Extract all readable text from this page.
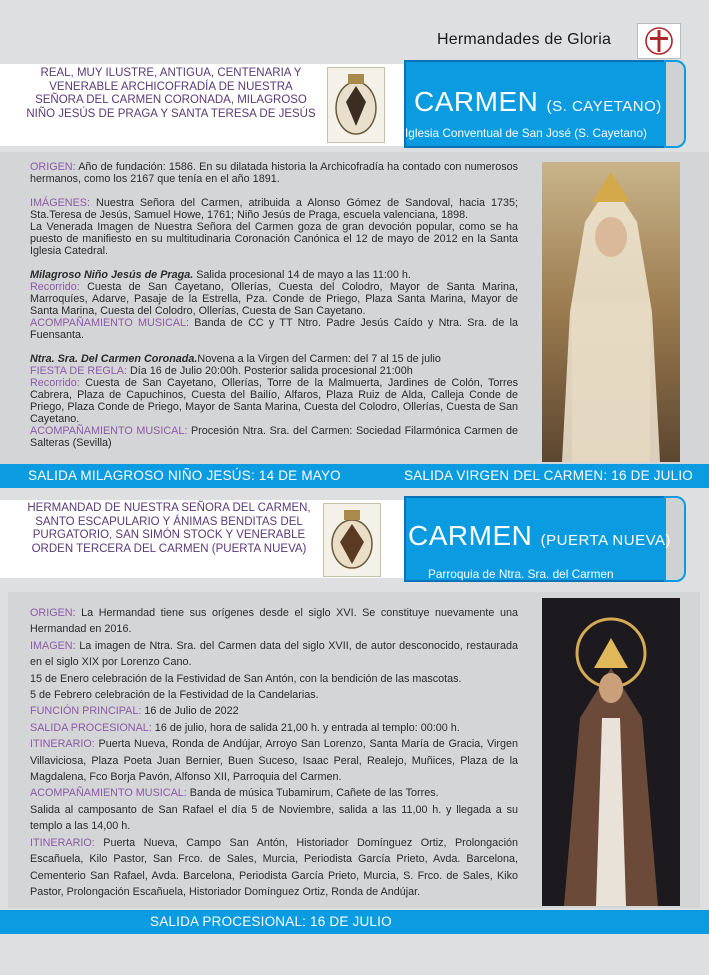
Hermandades de Gloria
REAL, MUY ILUSTRE, ANTIGUA, CENTENARIA Y VENERABLE ARCHICOFRADÍA DE NUESTRA SEÑORA DEL CARMEN CORONADA, MILAGROSO NIÑO JESÚS DE PRAGA Y SANTA TERESA DE JESÚS	CARMEN (S. CAYETANO)
Iglesia Conventual de San José (S. Cayetano)

ORIGEN: Año de fundación: 1586. En su dilatada historia la Archicofradía ha contado con numerosos hermanos, como los 2167 que tenía en el año 1891.

IMÁGENES: Nuestra Señora del Carmen, atribuida a Alonso Gómez de Sandoval, hacia 1735; Sta.Teresa de Jesús, Samuel Howe, 1761; Niño Jesús de Praga, escuela valenciana, 1898.

La Venerada Imagen de Nuestra Señora del Carmen goza de gran devoción popular, como se ha puesto de manifiesto en su multitudinaria Coronación Canónica el 12 de mayo de 2012 en la Santa Iglesia Catedral.

Milagroso Niño Jesús de Praga. Salida procesional 14 de mayo a las 11:00 h.

Recorrido: Cuesta de San Cayetano, Ollerías, Cuesta del Colodro, Mayor de Santa Marina, Marroquíes, Adarve, Pasaje de la Estrella, Pza. Conde de Priego, Plaza Santa Marina, Mayor de Santa Marina, Cuesta del Colodro, Ollerías, Cuesta de San Cayetano.

ACOMPAÑAMIENTO MUSICAL: Banda de CC y TT Ntro. Padre Jesús Caído y Ntra. Sra. de la Fuensanta.

Ntra. Sra. Del Carmen Coronada.Novena a la Virgen del Carmen: del 7 al 15 de julio

FIESTA DE REGLA: Día 16 de Julio 20:00h. Posterior salida procesional 21:00h

Recorrido: Cuesta de San Cayetano, Ollerías, Torre de la Malmuerta, Jardines de Colón, Torres Cabrera, Plaza de Capuchinos, Cuesta del Bailío, Alfaros, Plaza Ruiz de Alda, Calleja Conde de Priego, Plaza Conde de Priego, Mayor de Santa Marina, Cuesta del Colodro, Ollerías, Cuesta de San Cayetano.

ACOMPAÑAMIENTO MUSICAL: Procesión Ntra. Sra. del Carmen: Sociedad Filarmónica Carmen de Salteras (Sevilla)

SALIDA MILAGROSO NIÑO JESÚS: 14 DE MAYO	SALIDA VIRGEN DEL CARMEN: 16 DE JULIO
HERMANDAD DE NUESTRA SEÑORA DEL CARMEN, SANTO ESCAPULARIO Y ÁNIMAS BENDITAS DEL PURGATORIO, SAN SIMÓN STOCK Y VENERABLE ORDEN TERCERA DEL CARMEN (PUERTA NUEVA)	CARMEN (PUERTA NUEVA)
Parroquia de Ntra. Sra. del Carmen

ORIGEN: La Hermandad tiene sus orígenes desde el siglo XVI. Se constituye nuevamente una Hermandad en 2016.

IMAGEN: La imagen de Ntra. Sra. del Carmen data del siglo XVII, de autor desconocido, restaurada en el siglo XIX por Lorenzo Cano.

15 de Enero celebración de la Festividad de San Antón, con la bendición de las mascotas.

5 de Febrero celebración de la Festividad de la Candelarias.

FUNCIÓN PRINCIPAL: 16 de Julio de 2022

SALIDA PROCESIONAL: 16 de julio, hora de salida 21,00 h. y entrada al templo: 00:00 h.

ITINERARIO: Puerta Nueva, Ronda de Andújar, Arroyo San Lorenzo, Santa María de Gracia, Virgen Villaviciosa, Plaza Poeta Juan Bernier, Buen Suceso, Isaac Peral, Realejo, Muñices, Plaza de la Magdalena, Fco Borja Pavón, Alfonso XII, Parroquia del Carmen.

ACOMPAÑAMIENTO MUSICAL: Banda de música Tubamirum, Cañete de las Torres.

Salida al camposanto de San Rafael el día 5 de Noviembre, salida a las 11,00 h. y llegada a su templo a las 14,00 h.

ITINERARIO: Puerta Nueva, Campo San Antón, Historiador Domínguez Ortiz, Prolongación Escañuela, Kilo Pastor, San Frco. de Sales, Murcia, Periodista García Prieto, Avda. Barcelona, Cementerio San Rafael, Avda. Barcelona, Periodista García Prieto, Murcia, S. Frco. de Sales, Kiko Pastor, Prolongación Escañuela, Historiador Domínguez Ortiz, Ronda de Andújar.

SALIDA PROCESIONAL: 16 DE JULIO
